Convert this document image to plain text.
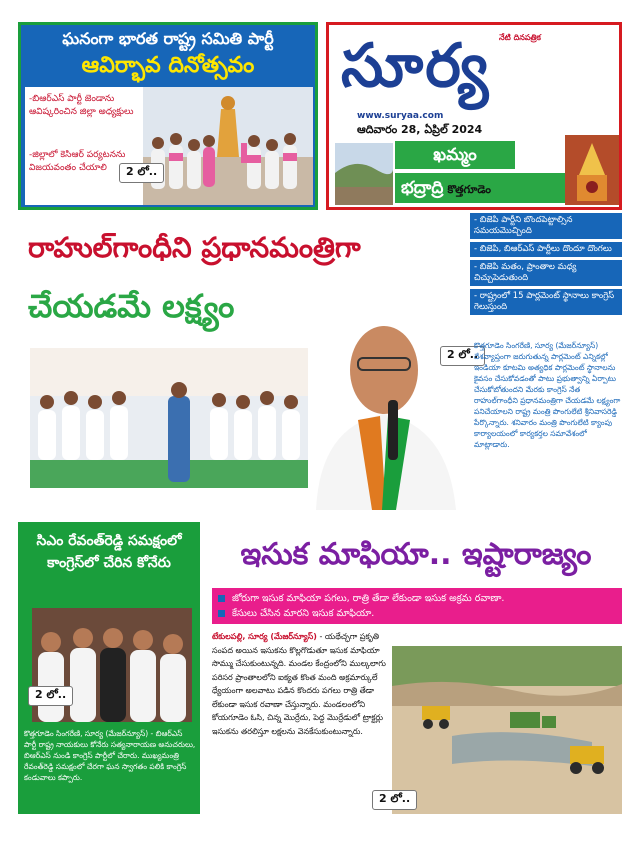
ఘనంగా భారత రాష్ట్ర సమితి పార్టీ
ఆవిర్భావ దినోత్సవం
-బిఆర్ఎస్ పార్టీ జెండాను ఆవిష్కరించిన జిల్లా అధ్యక్షులు
-జిల్లాలో కెసిఆర్ పర్యటనను విజయవంతం చేయాలి	2 లో..
నేటి దినపత్రిక
సూర్య
www.suryaa.com
ఆదివారం 28, ఏప్రిల్ 2024
ఖమ్మం
భద్రాద్రి కొత్తగూడెం
రాహుల్‌గాంధీని ప్రధానమంత్రిగా
చేయడమే లక్ష్యం
- బిజెపి పార్టీని బొందపెట్టాల్సిన సమయమొచ్చింది
- బిజెపి, బిఆర్ఎస్ పార్టీలు దొందూ దొంగలు
- బిజెపి మతం, ప్రాంతాల మధ్య చిచ్చుపెడుతుంది
- రాష్ట్రంలో 15 పార్లమెంట్ స్థానాలు కాంగ్రెస్ గెలుస్తుంది
2 లో..
కొత్తగూడెం సింగరేణి, సూర్య (మేజర్‌న్యూస్) దేశవ్యాప్తంగా జరుగుతున్న పార్లమెంట్ ఎన్నికల్లో ఇండియా కూటమి అత్యధిక పార్లమెంట్ స్థానాలను కైవసం చేసుకోవడంతో పాటు ప్రభుత్వాన్ని ఏర్పాటు చేసుకోబోతుందని మేరకు కాంగ్రెస్ నేత రాహుల్‌గాంధీని ప్రధానమంత్రిగా చేయడమే లక్ష్యంగా పనిచేయాలని రాష్ట్ర మంత్రి పొంగులేటి శ్రీనివాసరెడ్డి పేర్కొన్నారు. శనివారం మంత్రి పొంగులేటి క్యాంపు కార్యాలయంలో కార్యకర్తల సమావేశంలో మాట్లాడారు.
సిఎం రేవంత్‌రెడ్డి సమక్షంలో కాంగ్రెస్‌లో చేరిన కోనేరు
2 లో..
కొత్తగూడెం సింగరేణి, సూర్య (మేజర్‌న్యూస్) - బిఆర్ఎస్ పార్టీ రాష్ట్ర నాయకులు కోనేరు సత్యనారాయణ అనుచరులు, బిఆర్ఎస్ నుండి కాంగ్రెస్ పార్టీలో చేరారు. ముఖ్యమంత్రి రేవంత్‌రెడ్డి సమక్షంలో చేరగా ఘన స్వాగతం పలికి కాంగ్రెస్ కండువాలు కప్పారు.
ఇసుక మాఫియా.. ఇష్టారాజ్యం
జోరుగా ఇసుక మాఫియా పగలు, రాత్రి తేడా లేకుండా ఇసుక అక్రమ రవాణా.
కేసులు చేసిన మారని ఇసుక మాఫియా.
టేకులపల్లి, సూర్య (మేజర్‌న్యూస్) - యథేచ్ఛగా ప్రకృతి సంపద అయిన ఇసుకను కొల్లగొడుతూ ఇసుక మాఫియా సొమ్ము చేసుకుంటున్నది. మండల కేంద్రంలోని ముల్కలాగు పరిసర ప్రాంతాలలోని ఐక్యత కొంత మంది అక్రమార్కులే ధ్యేయంగా అలవాటు పడిన కొందరు పగలు రాత్రి తేడా లేకుండా ఇసుక రవాణా చేస్తున్నారు. మండలంలోని కోయగూడెం ఓసి, చిన్న మొర్రేదు, పెద్ద మొర్రేడులో ట్రాక్టర్లు ఇసుకను తరలిస్తూ లక్షలను వెనకేసుకుంటున్నారు.
2 లో..
